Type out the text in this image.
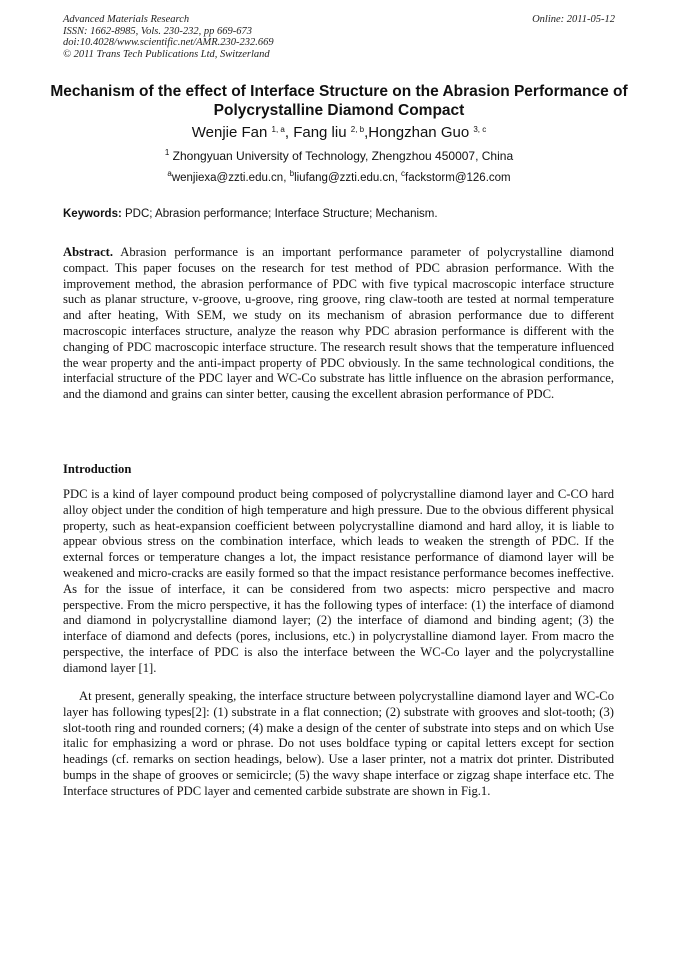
Advanced Materials Research
ISSN: 1662-8985, Vols. 230-232, pp 669-673
doi:10.4028/www.scientific.net/AMR.230-232.669
© 2011 Trans Tech Publications Ltd, Switzerland
Online: 2011-05-12
Mechanism of the effect of Interface Structure on the Abrasion Performance of Polycrystalline Diamond Compact
Wenjie Fan $^{1, a}$, Fang liu $^{2, b}$,Hongzhan Guo $^{3, c}$
$^1$ Zhongyuan University of Technology, Zhengzhou 450007, China
$^a$wenjiexa@zzti.edu.cn, $^b$liufang@zzti.edu.cn, $^c$fackstorm@126.com
Keywords: PDC; Abrasion performance; Interface Structure; Mechanism.
Abstract. Abrasion performance is an important performance parameter of polycrystalline diamond compact. This paper focuses on the research for test method of PDC abrasion performance. With the improvement method, the abrasion performance of PDC with five typical macroscopic interface structure such as planar structure, v-groove, u-groove, ring groove, ring claw-tooth are tested at normal temperature and after heating, With SEM, we study on its mechanism of abrasion performance due to different macroscopic interfaces structure, analyze the reason why PDC abrasion performance is different with the changing of PDC macroscopic interface structure. The research result shows that the temperature influenced the wear property and the anti-impact property of PDC obviously. In the same technological conditions, the interfacial structure of the PDC layer and WC-Co substrate has little influence on the abrasion performance, and the diamond and grains can sinter better, causing the excellent abrasion performance of PDC.
Introduction
PDC is a kind of layer compound product being composed of polycrystalline diamond layer and C-CO hard alloy object under the condition of high temperature and high pressure. Due to the obvious different physical property, such as heat-expansion coefficient between polycrystalline diamond and hard alloy, it is liable to appear obvious stress on the combination interface, which leads to weaken the strength of PDC. If the external forces or temperature changes a lot, the impact resistance performance of diamond layer will be weakened and micro-cracks are easily formed so that the impact resistance performance becomes ineffective. As for the issue of interface, it can be considered from two aspects: micro perspective and macro perspective. From the micro perspective, it has the following types of interface: (1) the interface of diamond and diamond in polycrystalline diamond layer; (2) the interface of diamond and binding agent; (3) the interface of diamond and defects (pores, inclusions, etc.) in polycrystalline diamond layer. From macro the perspective, the interface of PDC is also the interface between the WC-Co layer and the polycrystalline diamond layer [1].
At present, generally speaking, the interface structure between polycrystalline diamond layer and WC-Co layer has following types[2]: (1) substrate in a flat connection; (2) substrate with grooves and slot-tooth; (3) slot-tooth ring and rounded corners; (4) make a design of the center of substrate into steps and on which Use italic for emphasizing a word or phrase. Do not uses boldface typing or capital letters except for section headings (cf. remarks on section headings, below). Use a laser printer, not a matrix dot printer. Distributed bumps in the shape of grooves or semicircle; (5) the wavy shape interface or zigzag shape interface etc. The Interface structures of PDC layer and cemented carbide substrate are shown in Fig.1.
